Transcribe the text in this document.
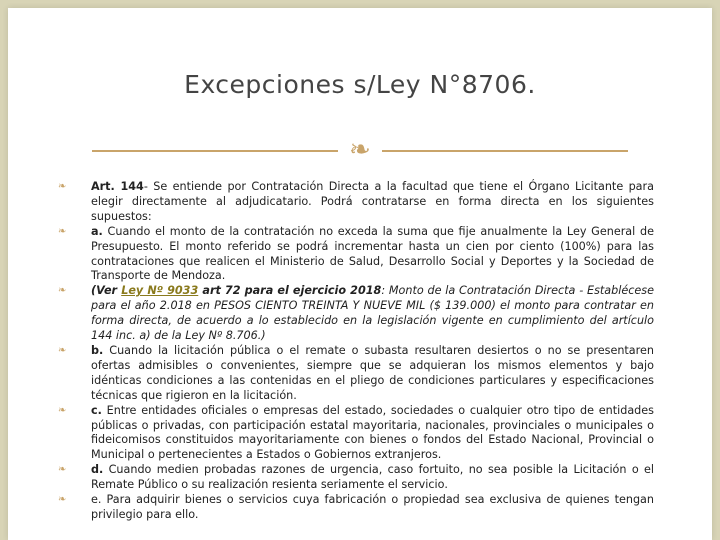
Excepciones s/Ley N°8706.
❧

❧ Art. 144- Se entiende por Contratación Directa a la facultad que tiene el Órgano Licitante para elegir directamente al adjudicatario. Podrá contratarse en forma directa en los siguientes supuestos:

❧ a. Cuando el monto de la contratación no exceda la suma que fije anualmente la Ley General de Presupuesto. El monto referido se podrá incrementar hasta un cien por ciento (100%) para las contrataciones que realicen el Ministerio de Salud, Desarrollo Social y Deportes y la Sociedad de Transporte de Mendoza.

❧ (Ver Ley Nº 9033 art 72 para el ejercicio 2018: Monto de la Contratación Directa - Establécese para el año 2.018 en PESOS CIENTO TREINTA Y NUEVE MIL ($ 139.000) el monto para contratar en forma directa, de acuerdo a lo establecido en la legislación vigente en cumplimiento del artículo 144 inc. a) de la Ley Nº 8.706.)

❧ b. Cuando la licitación pública o el remate o subasta resultaren desiertos o no se presentaren ofertas admisibles o convenientes, siempre que se adquieran los mismos elementos y bajo idénticas condiciones a las contenidas en el pliego de condiciones particulares y especificaciones técnicas que rigieron en la licitación.

❧ c. Entre entidades oficiales o empresas del estado, sociedades o cualquier otro tipo de entidades públicas o privadas, con participación estatal mayoritaria, nacionales, provinciales o municipales o fideicomisos constituidos mayoritariamente con bienes o fondos del Estado Nacional, Provincial o Municipal o pertenecientes a Estados o Gobiernos extranjeros.

❧ d. Cuando medien probadas razones de urgencia, caso fortuito, no sea posible la Licitación o el Remate Público o su realización resienta seriamente el servicio.

❧ e. Para adquirir bienes o servicios cuya fabricación o propiedad sea exclusiva de quienes tengan privilegio para ello.
